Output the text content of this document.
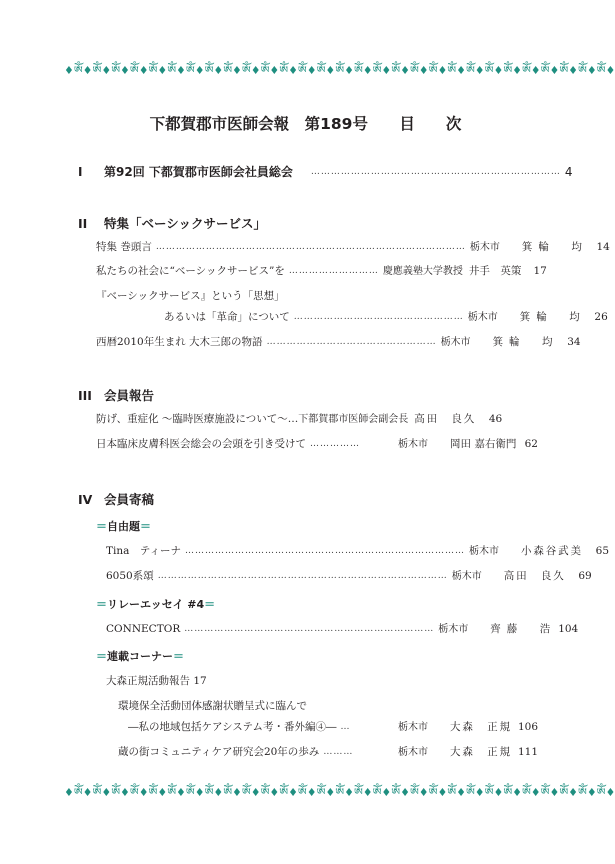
♦ༀ♦ༀ♦ༀ♦ༀ♦ༀ♦ༀ♦ༀ♦ༀ♦ༀ♦ༀ♦ༀ♦ༀ♦ༀ♦ༀ♦ༀ♦ༀ♦ༀ♦ༀ♦ༀ♦ༀ♦ༀ♦ༀ♦ༀ♦ༀ♦ༀ♦ༀ♦ༀ♦ༀ♦ༀ♦
下都賀郡市医師会報　第189号 目　　次
I 第92回 下都賀郡市医師会社員総会 ………………………………………………………………… 4
II 特集「ベーシックサービス」
特集 巻頭言 ………………………………………………………………………………… 栃木市 箕輪　均 14
私たちの社会に“ベーシックサービス”を ……………………… 慶應義塾大学教授 井手　英策 17
『ベーシックサービス』という「思想」
あるいは「革命」について …………………………………………… 栃木市 箕輪　均 26
西暦2010年生まれ 大木三郎の物語 …………………………………………… 栃木市 箕輪　均 34
III 会員報告
防げ、重症化 〜臨時医療施設について〜… 下都賀郡市医師会副会長 高田　良久 46
日本臨床皮膚科医会総会の会頭を引き受けて ……………	栃木市 岡田 嘉右衛門 62
IV 会員寄稿
＝自由題＝
Tina　ティーナ ………………………………………………………………………… 栃木市 小森谷武美 65
6050系頌 …………………………………………………………………………… 栃木市 高田　良久 69
＝リレーエッセイ #4＝
CONNECTOR ………………………………………………………………… 栃木市 齊藤　浩 104
＝連載コーナー＝
大森正規活動報告 17
環境保全活動団体感謝状贈呈式に臨んで
―私の地域包括ケアシステム考・番外編④― …	栃木市 大森　正規 106
蔵の街コミュニティケア研究会20年の歩み ………	栃木市 大森　正規 111
♦ༀ♦ༀ♦ༀ♦ༀ♦ༀ♦ༀ♦ༀ♦ༀ♦ༀ♦ༀ♦ༀ♦ༀ♦ༀ♦ༀ♦ༀ♦ༀ♦ༀ♦ༀ♦ༀ♦ༀ♦ༀ♦ༀ♦ༀ♦ༀ♦ༀ♦ༀ♦ༀ♦ༀ♦ༀ♦
